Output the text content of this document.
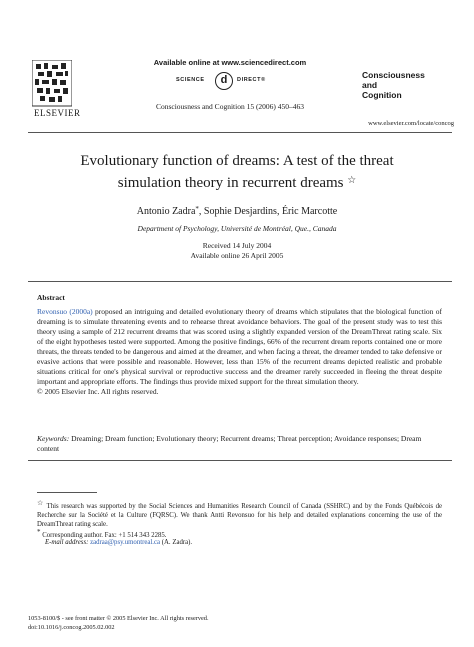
ELSEVIER
Available online at www.sciencedirect.com
SCIENCE	d	DIRECT®
Consciousness and Cognition 15 (2006) 450–463
Consciousness
and
Cognition
www.elsevier.com/locate/concog
Evolutionary function of dreams: A test of the threat
simulation theory in recurrent dreams ☆
Antonio Zadra*, Sophie Desjardins, Éric Marcotte
Department of Psychology, Université de Montréal, Que., Canada
Received 14 July 2004
Available online 26 April 2005
Abstract
Revonsuo (2000a) proposed an intriguing and detailed evolutionary theory of dreams which stipulates that the biological function of dreaming is to simulate threatening events and to rehearse threat avoidance behaviors. The goal of the present study was to test this theory using a sample of 212 recurrent dreams that was scored using a slightly expanded version of the DreamThreat rating scale. Six of the eight hypotheses tested were supported. Among the positive findings, 66% of the recurrent dream reports contained one or more threats, the threats tended to be dangerous and aimed at the dreamer, and when facing a threat, the dreamer tended to take defensive or evasive actions that were possible and reasonable. However, less than 15% of the recurrent dreams depicted realistic and probable situations critical for one's physical survival or reproductive success and the dreamer rarely succeeded in fleeing the threat despite important and appropriate efforts. The findings thus provide mixed support for the threat simulation theory.
© 2005 Elsevier Inc. All rights reserved.
Keywords: Dreaming; Dream function; Evolutionary theory; Recurrent dreams; Threat perception; Avoidance responses; Dream content
☆ This research was supported by the Social Sciences and Humanities Research Council of Canada (SSHRC) and by the Fonds Québécois de Recherche sur la Société et la Culture (FQRSC). We thank Antti Revonsuo for his help and detailed explanations concerning the use of the DreamThreat rating scale.
* Corresponding author. Fax: +1 514 343 2285.
E-mail address: zadraa@psy.umontreal.ca (A. Zadra).
1053-8100/$ - see front matter © 2005 Elsevier Inc. All rights reserved.
doi:10.1016/j.concog.2005.02.002
